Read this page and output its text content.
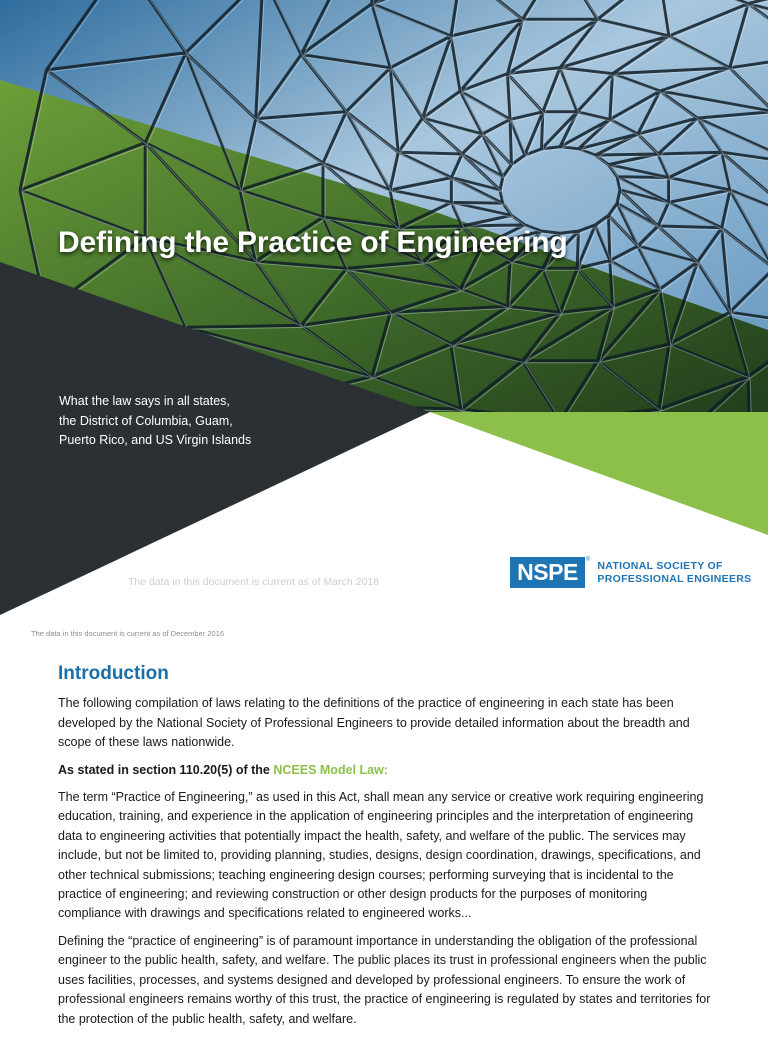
Defining the Practice of Engineering
What the law says in all states,
the District of Columbia, Guam,
Puerto Rico, and US Virgin Islands
The data in this document is current as of March 2018	NSPE	® NATIONAL SOCIETY OF
PROFESSIONAL ENGINEERS
The data in this document is current as of December 2016
Introduction

The following compilation of laws relating to the definitions of the practice of engineering in each state has been developed by the National Society of Professional Engineers to provide detailed information about the breadth and scope of these laws nationwide.

As stated in section 110.20(5) of the NCEES Model Law:

The term “Practice of Engineering,” as used in this Act, shall mean any service or creative work requiring engineering education, training, and experience in the application of engineering principles and the interpretation of engineering data to engineering activities that potentially impact the health, safety, and welfare of the public. The services may include, but not be limited to, providing planning, studies, designs, design coordination, drawings, specifications, and other technical submissions; teaching engineering design courses; performing surveying that is incidental to the practice of engineering; and reviewing construction or other design products for the purposes of monitoring compliance with drawings and specifications related to engineered works...

Defining the “practice of engineering” is of paramount importance in understanding the obligation of the professional engineer to the public health, safety, and welfare. The public places its trust in professional engineers when the public uses facilities, processes, and systems designed and developed by professional engineers. To ensure the work of professional engineers remains worthy of this trust, the practice of engineering is regulated by states and territories for the protection of the public health, safety, and welfare.
